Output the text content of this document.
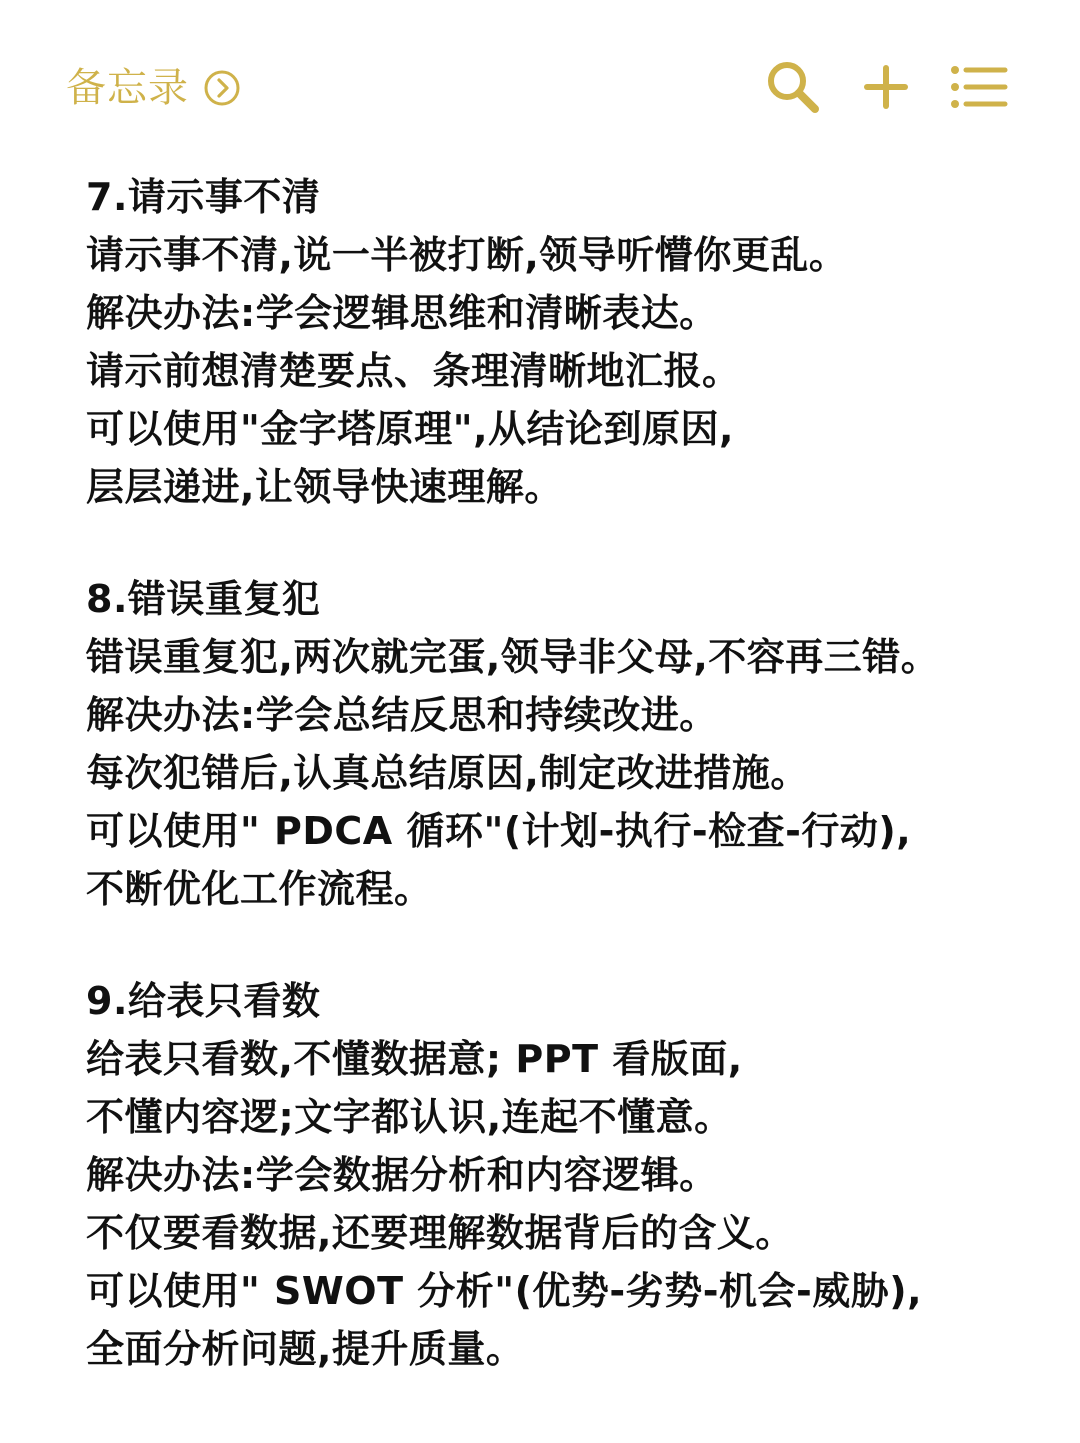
备忘录
7.请示事不清
请示事不清,说一半被打断,领导听懵你更乱。
解决办法:学会逻辑思维和清晰表达。
请示前想清楚要点、条理清晰地汇报。
可以使用"金字塔原理",从结论到原因,
层层递进,让领导快速理解。
8.错误重复犯
错误重复犯,两次就完蛋,领导非父母,不容再三错。
解决办法:学会总结反思和持续改进。
每次犯错后,认真总结原因,制定改进措施。
可以使用" PDCA 循环"(计划-执行-检查-行动),
不断优化工作流程。
9.给表只看数
给表只看数,不懂数据意; PPT 看版面,
不懂内容逻;文字都认识,连起不懂意。
解决办法:学会数据分析和内容逻辑。
不仅要看数据,还要理解数据背后的含义。
可以使用" SWOT 分析"(优势-劣势-机会-威胁),
全面分析问题,提升质量。
